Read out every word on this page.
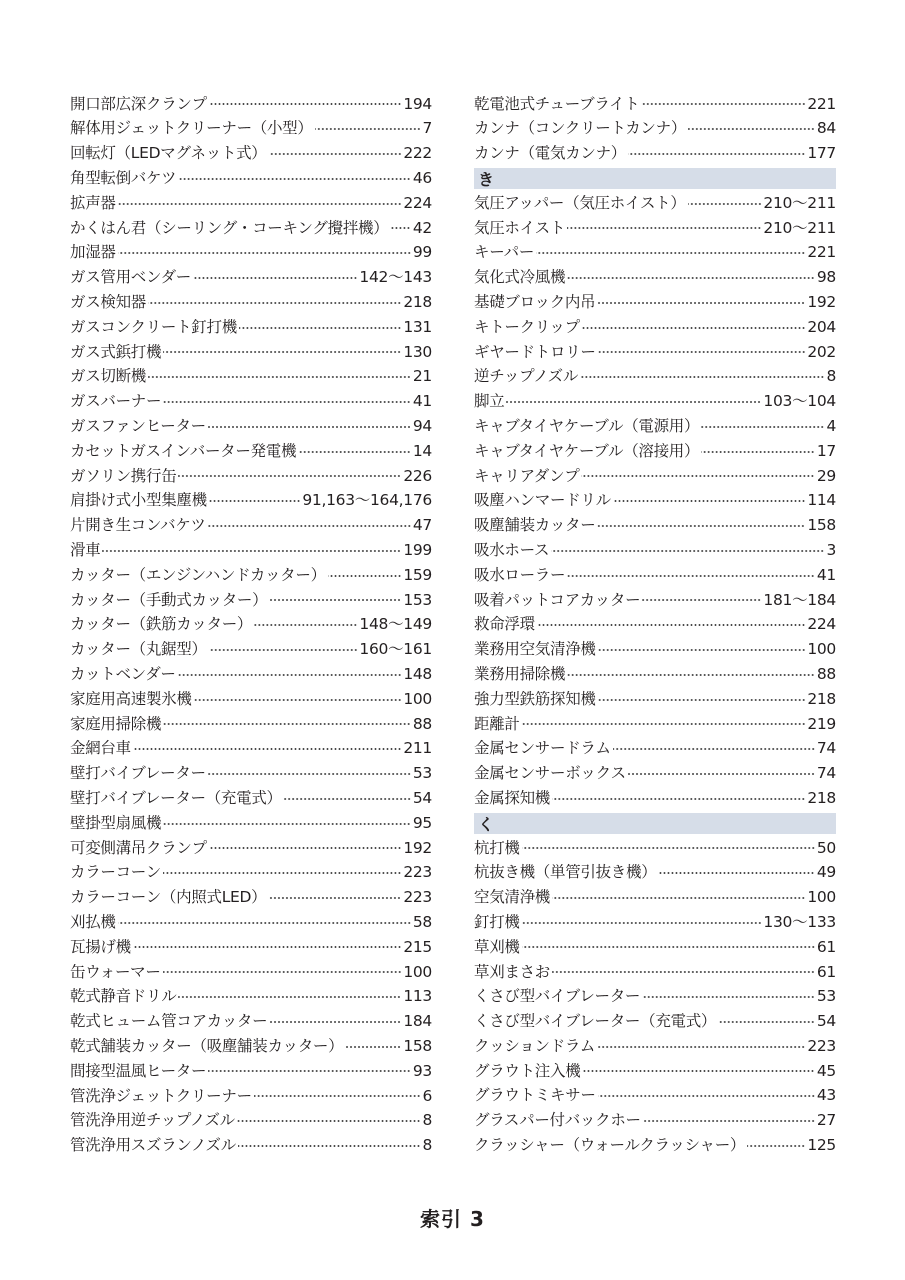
開口部広深クランプ	194
解体用ジェットクリーナー（小型）	7
回転灯（LEDマグネット式）	222
角型転倒バケツ	46
拡声器	224
かくはん君（シーリング・コーキング攪拌機） 42
加湿器	99
ガス管用ベンダー	142〜143
ガス検知器	218
ガスコンクリート釘打機	131
ガス式鋲打機	130
ガス切断機	21
ガスバーナー	41
ガスファンヒーター	94
カセットガスインバーター発電機	14
ガソリン携行缶	226
肩掛け式小型集塵機	91,163〜164,176
片開き生コンバケツ	47
滑車	199
カッター（エンジンハンドカッター）	159
カッター（手動式カッター）	153
カッター（鉄筋カッター）	148〜149
カッター（丸鋸型）	160〜161
カットベンダー	148
家庭用高速製氷機	100
家庭用掃除機	88
金網台車	211
壁打バイブレーター	53
壁打バイブレーター（充電式）	54
壁掛型扇風機	95
可変側溝吊クランプ	192
カラーコーン	223
カラーコーン（内照式LED）	223
刈払機	58
瓦揚げ機	215
缶ウォーマー	100
乾式静音ドリル	113
乾式ヒューム管コアカッター	184
乾式舗装カッター（吸塵舗装カッター）	158
間接型温風ヒーター	93
管洗浄ジェットクリーナー	6
管洗浄用逆チップノズル	8
管洗浄用スズランノズル	8
乾電池式チューブライト	221
カンナ（コンクリートカンナ）	84
カンナ（電気カンナ）	177
き
気圧アッパー（気圧ホイスト）	210〜211
気圧ホイスト	210〜211
キーパー	221
気化式冷風機	98
基礎ブロック内吊	192
キトークリップ	204
ギヤードトロリー	202
逆チップノズル	8
脚立	103〜104
キャブタイヤケーブル（電源用）	4
キャブタイヤケーブル（溶接用）	17
キャリアダンプ	29
吸塵ハンマードリル	114
吸塵舗装カッター	158
吸水ホース	3
吸水ローラー	41
吸着パットコアカッター	181〜184
救命浮環	224
業務用空気清浄機	100
業務用掃除機	88
強力型鉄筋探知機	218
距離計	219
金属センサードラム	74
金属センサーボックス	74
金属探知機	218
く
杭打機	50
杭抜き機（単管引抜き機）	49
空気清浄機	100
釘打機	130〜133
草刈機	61
草刈まさお	61
くさび型バイブレーター	53
くさび型バイブレーター（充電式）	54
クッションドラム	223
グラウト注入機	45
グラウトミキサー	43
グラスパー付バックホー	27
クラッシャー（ウォールクラッシャー）	125
索引 3
